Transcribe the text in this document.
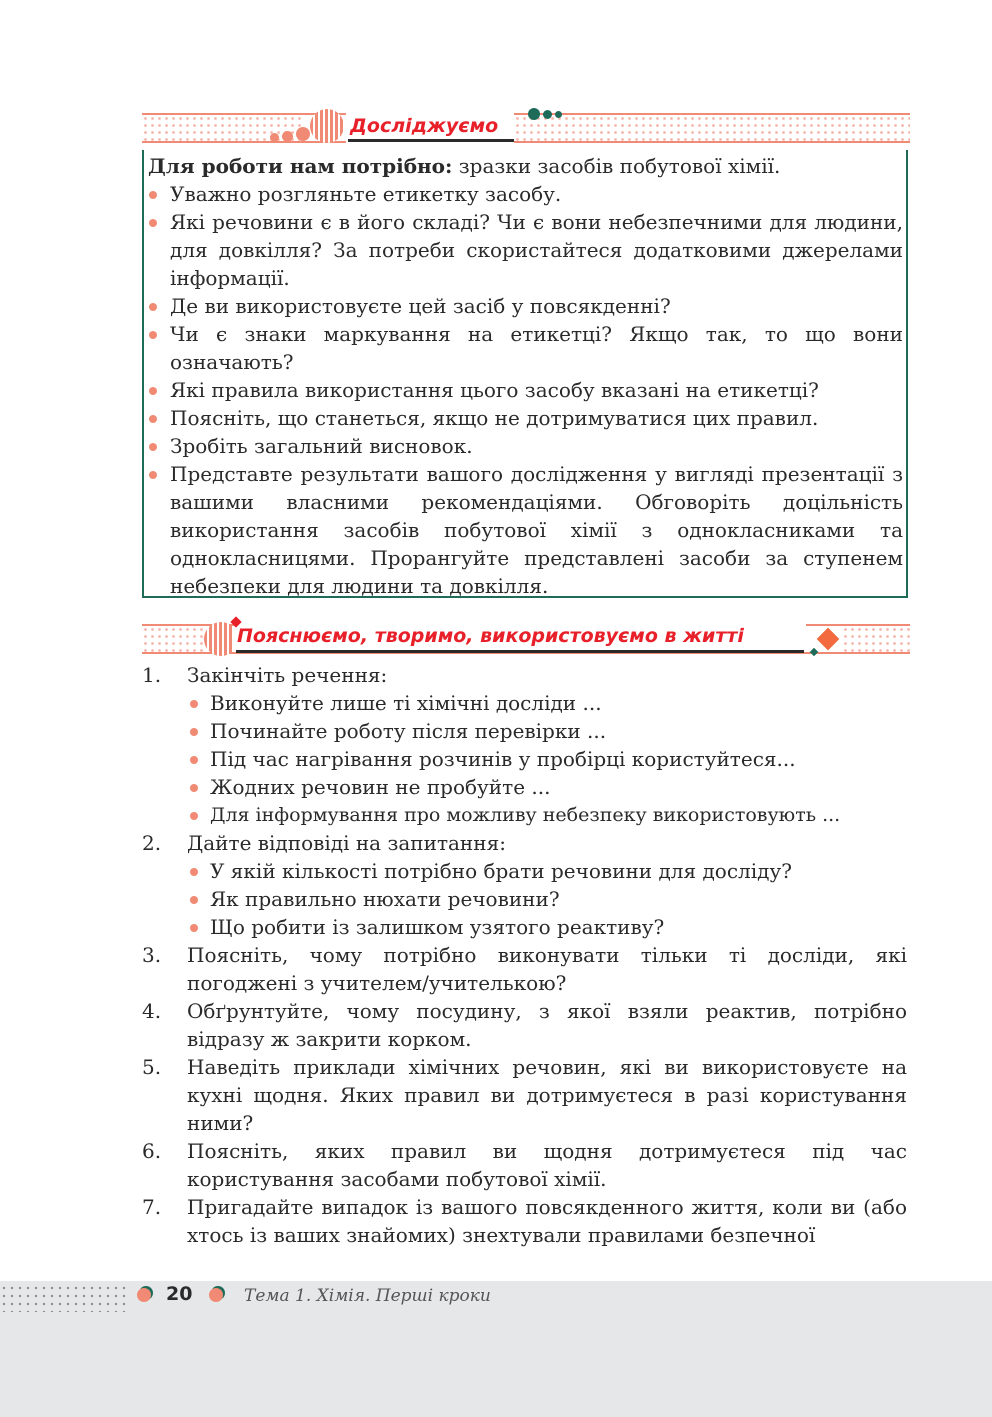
Досліджуємо
Для роботи нам потрібно: зразки засобів побутової хімії.
Уважно розгляньте етикетку засобу.
Які речовини є в його складі? Чи є вони небезпечними для людини, для довкілля? За потреби скористайтеся додатковими джерелами інформації.
Де ви використовуєте цей засіб у повсякденні?
Чи є знаки маркування на етикетці? Якщо так, то що вони означають?
Які правила використання цього засобу вказані на етикетці?
Поясніть, що станеться, якщо не дотримуватися цих правил.
Зробіть загальний висновок.
Представте результати вашого дослідження у вигляді презентації з вашими власними рекомендаціями. Обговоріть доцільність використання засобів побутової хімії з однокласниками та однокласницями. Прорангуйте представлені засоби за ступенем небезпеки для людини та довкілля.
Пояснюємо, творимо, використовуємо в житті
1. Закінчіть речення:
Виконуйте лише ті хімічні досліди ...
Починайте роботу після перевірки ...
Під час нагрівання розчинів у пробірці користуйтеся...
Жодних речовин не пробуйте ...
Для інформування про можливу небезпеку використовують ...
2. Дайте відповіді на запитання:
У якій кількості потрібно брати речовини для досліду?
Як правильно нюхати речовини?
Що робити із залишком узятого реактиву?
3. Поясніть, чому потрібно виконувати тільки ті досліди, які погоджені з учителем/учителькою?
4. Обґрунтуйте, чому посудину, з якої взяли реактив, потрібно відразу ж закрити корком.
5. Наведіть приклади хімічних речовин, які ви використовуєте на кухні щодня. Яких правил ви дотримуєтеся в разі користування ними?
6. Поясніть, яких правил ви щодня дотримуєтеся під час користування засобами побутової хімії.
7. Пригадайте випадок із вашого повсякденного життя, коли ви (або хтось із ваших знайомих) знехтували правилами безпечної
20	Тема 1. Хімія. Перші кроки
